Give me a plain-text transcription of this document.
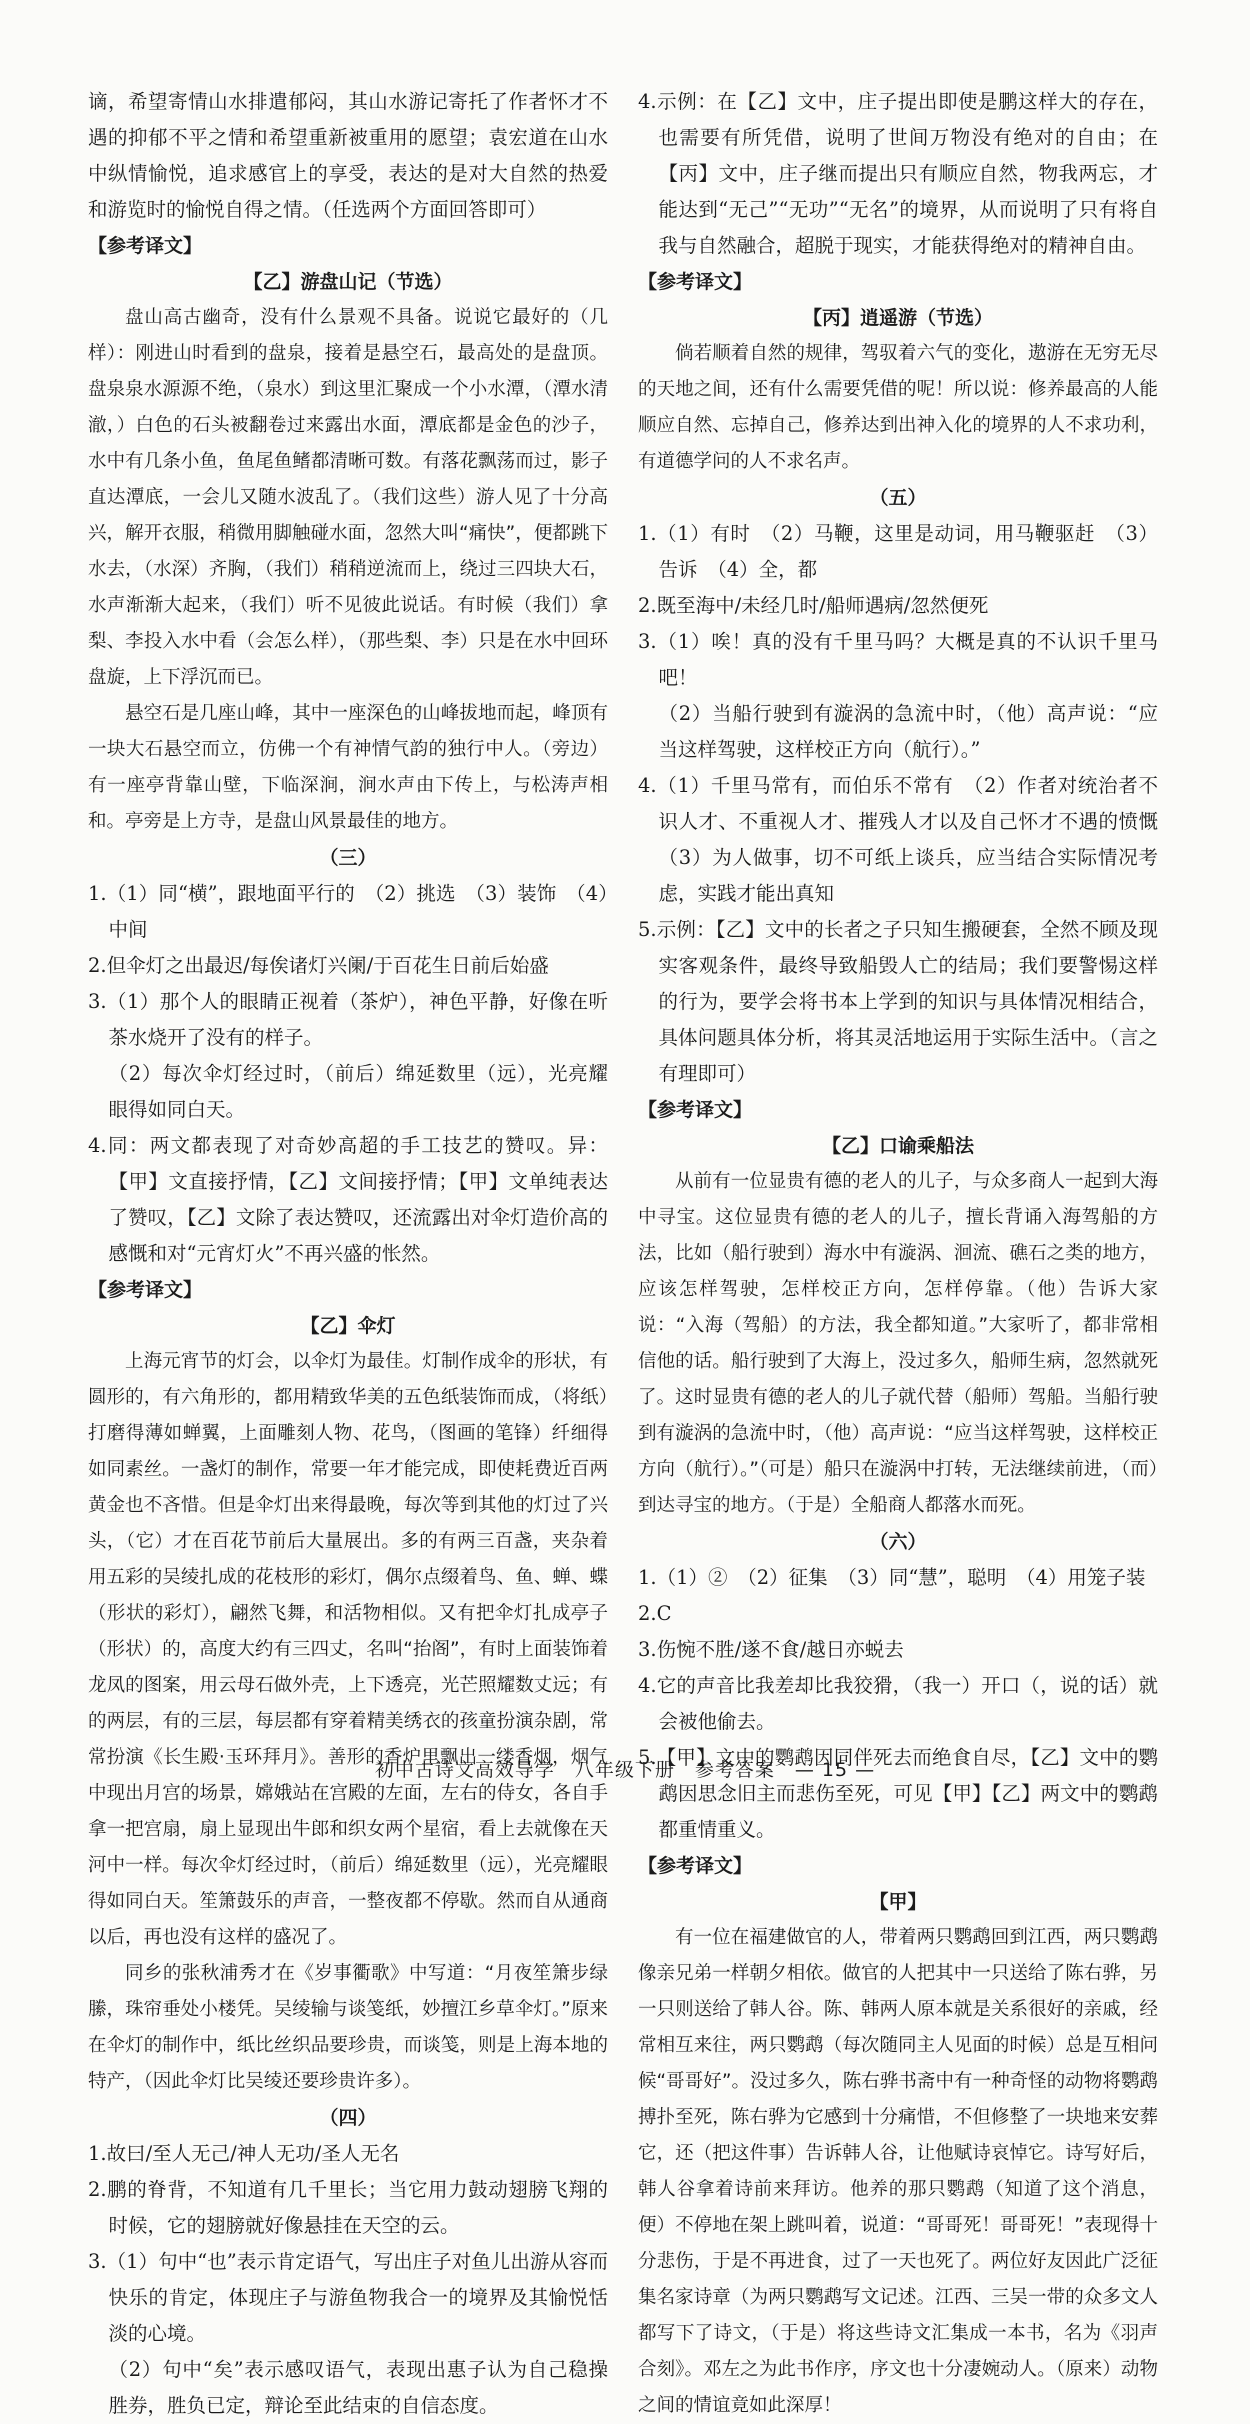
谪，希望寄情山水排遣郁闷，其山水游记寄托了作者怀才不遇的抑郁不平之情和希望重新被重用的愿望；袁宏道在山水中纵情愉悦，追求感官上的享受，表达的是对大自然的热爱和游览时的愉悦自得之情。（任选两个方面回答即可）

【参考译文】

【乙】游盘山记（节选）

盘山高古幽奇，没有什么景观不具备。说说它最好的（几样）：刚进山时看到的盘泉，接着是悬空石，最高处的是盘顶。盘泉泉水源源不绝，（泉水）到这里汇聚成一个小水潭，（潭水清澈，）白色的石头被翻卷过来露出水面，潭底都是金色的沙子，水中有几条小鱼，鱼尾鱼鳍都清晰可数。有落花飘荡而过，影子直达潭底，一会儿又随水波乱了。（我们这些）游人见了十分高兴，解开衣服，稍微用脚触碰水面，忽然大叫“痛快”，便都跳下水去，（水深）齐胸，（我们）稍稍逆流而上，绕过三四块大石，水声渐渐大起来，（我们）听不见彼此说话。有时候（我们）拿梨、李投入水中看（会怎么样），（那些梨、李）只是在水中回环盘旋，上下浮沉而已。

悬空石是几座山峰，其中一座深色的山峰拔地而起，峰顶有一块大石悬空而立，仿佛一个有神情气韵的独行中人。（旁边）有一座亭背靠山壁，下临深涧，涧水声由下传上，与松涛声相和。亭旁是上方寺，是盘山风景最佳的地方。

（三）

1.（1）同“横”，跟地面平行的　（2）挑选　（3）装饰　（4）中间

2.但伞灯之出最迟/每俟诸灯兴阑/于百花生日前后始盛

3.（1）那个人的眼睛正视着（茶炉），神色平静，好像在听茶水烧开了没有的样子。

（2）每次伞灯经过时，（前后）绵延数里（远），光亮耀眼得如同白天。

4.同：两文都表现了对奇妙高超的手工技艺的赞叹。异：【甲】文直接抒情，【乙】文间接抒情；【甲】文单纯表达了赞叹，【乙】文除了表达赞叹，还流露出对伞灯造价高的感慨和对“元宵灯火”不再兴盛的怅然。

【参考译文】

【乙】伞灯

上海元宵节的灯会，以伞灯为最佳。灯制作成伞的形状，有圆形的，有六角形的，都用精致华美的五色纸装饰而成，（将纸）打磨得薄如蝉翼，上面雕刻人物、花鸟，（图画的笔锋）纤细得如同素丝。一盏灯的制作，常要一年才能完成，即使耗费近百两黄金也不吝惜。但是伞灯出来得最晚，每次等到其他的灯过了兴头，（它）才在百花节前后大量展出。多的有两三百盏，夹杂着用五彩的吴绫扎成的花枝形的彩灯，偶尔点缀着鸟、鱼、蝉、蝶（形状的彩灯），翩然飞舞，和活物相似。又有把伞灯扎成亭子（形状）的，高度大约有三四丈，名叫“抬阁”，有时上面装饰着龙凤的图案，用云母石做外壳，上下透亮，光芒照耀数丈远；有的两层，有的三层，每层都有穿着精美绣衣的孩童扮演杂剧，常常扮演《长生殿·玉环拜月》。善形的香炉里飘出一缕香烟，烟气中现出月宫的场景，嫦娥站在宫殿的左面，左右的侍女，各自手拿一把宫扇，扇上显现出牛郎和织女两个星宿，看上去就像在天河中一样。每次伞灯经过时，（前后）绵延数里（远），光亮耀眼得如同白天。笙箫鼓乐的声音，一整夜都不停歇。然而自从通商以后，再也没有这样的盛况了。

同乡的张秋浦秀才在《岁事衢歌》中写道：“月夜笙箫步绿縢，珠帘垂处小楼凭。吴绫输与谈笺纸，妙擅江乡草伞灯。”原来在伞灯的制作中，纸比丝织品要珍贵，而谈笺，则是上海本地的特产，（因此伞灯比吴绫还要珍贵许多）。

（四）

1.故曰/至人无己/神人无功/圣人无名

2.鹏的脊背，不知道有几千里长；当它用力鼓动翅膀飞翔的时候，它的翅膀就好像悬挂在天空的云。

3.（1）句中“也”表示肯定语气，写出庄子对鱼儿出游从容而快乐的肯定，体现庄子与游鱼物我合一的境界及其愉悦恬淡的心境。

（2）句中“矣”表示感叹语气，表现出惠子认为自己稳操胜券，胜负已定，辩论至此结束的自信态度。

4.示例：在【乙】文中，庄子提出即使是鹏这样大的存在，也需要有所凭借，说明了世间万物没有绝对的自由；在【丙】文中，庄子继而提出只有顺应自然，物我两忘，才能达到“无己”“无功”“无名”的境界，从而说明了只有将自我与自然融合，超脱于现实，才能获得绝对的精神自由。

【参考译文】

【丙】逍遥游（节选）

倘若顺着自然的规律，驾驭着六气的变化，遨游在无穷无尽的天地之间，还有什么需要凭借的呢！所以说：修养最高的人能顺应自然、忘掉自己，修养达到出神入化的境界的人不求功利，有道德学问的人不求名声。

（五）

1.（1）有时　（2）马鞭，这里是动词，用马鞭驱赶　（3）告诉　（4）全，都

2.既至海中/未经几时/船师遇病/忽然便死

3.（1）唉！真的没有千里马吗？大概是真的不认识千里马吧！

（2）当船行驶到有漩涡的急流中时，（他）高声说：“应当这样驾驶，这样校正方向（航行）。”

4.（1）千里马常有，而伯乐不常有　（2）作者对统治者不识人才、不重视人才、摧残人才以及自己怀才不遇的愤慨　（3）为人做事，切不可纸上谈兵，应当结合实际情况考虑，实践才能出真知

5.示例：【乙】文中的长者之子只知生搬硬套，全然不顾及现实客观条件，最终导致船毁人亡的结局；我们要警惕这样的行为，要学会将书本上学到的知识与具体情况相结合，具体问题具体分析，将其灵活地运用于实际生活中。（言之有理即可）

【参考译文】

【乙】口谕乘船法

从前有一位显贵有德的老人的儿子，与众多商人一起到大海中寻宝。这位显贵有德的老人的儿子，擅长背诵入海驾船的方法，比如（船行驶到）海水中有漩涡、洄流、礁石之类的地方，应该怎样驾驶，怎样校正方向，怎样停靠。（他）告诉大家说：“入海（驾船）的方法，我全都知道。”大家听了，都非常相信他的话。船行驶到了大海上，没过多久，船师生病，忽然就死了。这时显贵有德的老人的儿子就代替（船师）驾船。当船行驶到有漩涡的急流中时，（他）高声说：“应当这样驾驶，这样校正方向（航行）。”（可是）船只在漩涡中打转，无法继续前进，（而）到达寻宝的地方。（于是）全船商人都落水而死。

（六）

1.（1）②　（2）征集　（3）同“慧”，聪明　（4）用笼子装

2.C

3.伤惋不胜/遂不食/越日亦蜕去

4.它的声音比我差却比我狡猾，（我一）开口（，说的话）就会被他偷去。

5.【甲】文中的鹦鹉因同伴死去而绝食自尽，【乙】文中的鹦鹉因思念旧主而悲伤至死，可见【甲】【乙】两文中的鹦鹉都重情重义。

【参考译文】

【甲】

有一位在福建做官的人，带着两只鹦鹉回到江西，两只鹦鹉像亲兄弟一样朝夕相依。做官的人把其中一只送给了陈右骅，另一只则送给了韩人谷。陈、韩两人原本就是关系很好的亲戚，经常相互来往，两只鹦鹉（每次随同主人见面的时候）总是互相问候“哥哥好”。没过多久，陈右骅书斋中有一种奇怪的动物将鹦鹉搏扑至死，陈右骅为它感到十分痛惜，不但修整了一块地来安葬它，还（把这件事）告诉韩人谷，让他赋诗哀悼它。诗写好后，韩人谷拿着诗前来拜访。他养的那只鹦鹉（知道了这个消息，便）不停地在架上跳叫着，说道：“哥哥死！哥哥死！”表现得十分悲伤，于是不再进食，过了一天也死了。两位好友因此广泛征集名家诗章（为两只鹦鹉写文记述。江西、三吴一带的众多文人都写下了诗文，（于是）将这些诗文汇集成一本书，名为《羽声合刻》。邓左之为此书作序，序文也十分凄婉动人。（原来）动物之间的情谊竟如此深厚！

初中古诗文高效导学　八年级下册　参考答案　— 15 —
